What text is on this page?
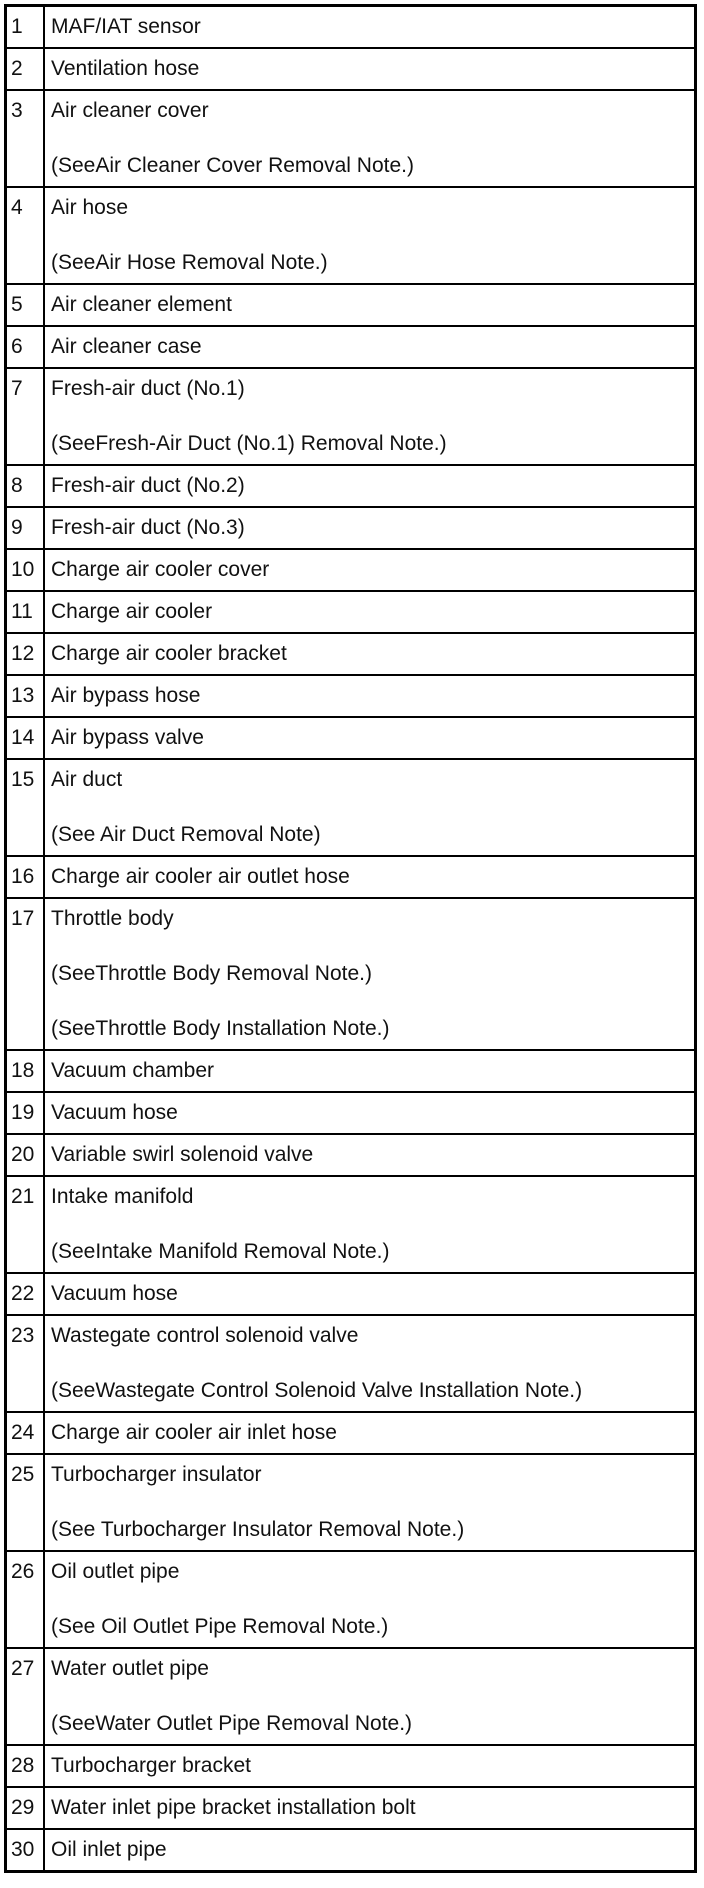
1	MAF/IAT sensor

2	Ventilation hose

3	Air cleaner cover
(SeeAir Cleaner Cover Removal Note.)

4	Air hose
(SeeAir Hose Removal Note.)

5	Air cleaner element

6	Air cleaner case

7	Fresh-air duct (No.1)
(SeeFresh-Air Duct (No.1) Removal Note.)

8	Fresh-air duct (No.2)

9	Fresh-air duct (No.3)

10	Charge air cooler cover

11	Charge air cooler

12	Charge air cooler bracket

13	Air bypass hose

14	Air bypass valve

15	Air duct
(See Air Duct Removal Note)

16	Charge air cooler air outlet hose

17	Throttle body
(SeeThrottle Body Removal Note.)
(SeeThrottle Body Installation Note.)

18	Vacuum chamber

19	Vacuum hose

20	Variable swirl solenoid valve

21	Intake manifold
(SeeIntake Manifold Removal Note.)

22	Vacuum hose

23	Wastegate control solenoid valve
(SeeWastegate Control Solenoid Valve Installation Note.)

24	Charge air cooler air inlet hose

25	Turbocharger insulator
(See Turbocharger Insulator Removal Note.)

26	Oil outlet pipe
(See Oil Outlet Pipe Removal Note.)

27	Water outlet pipe
(SeeWater Outlet Pipe Removal Note.)

28	Turbocharger bracket

29	Water inlet pipe bracket installation bolt

30	Oil inlet pipe
